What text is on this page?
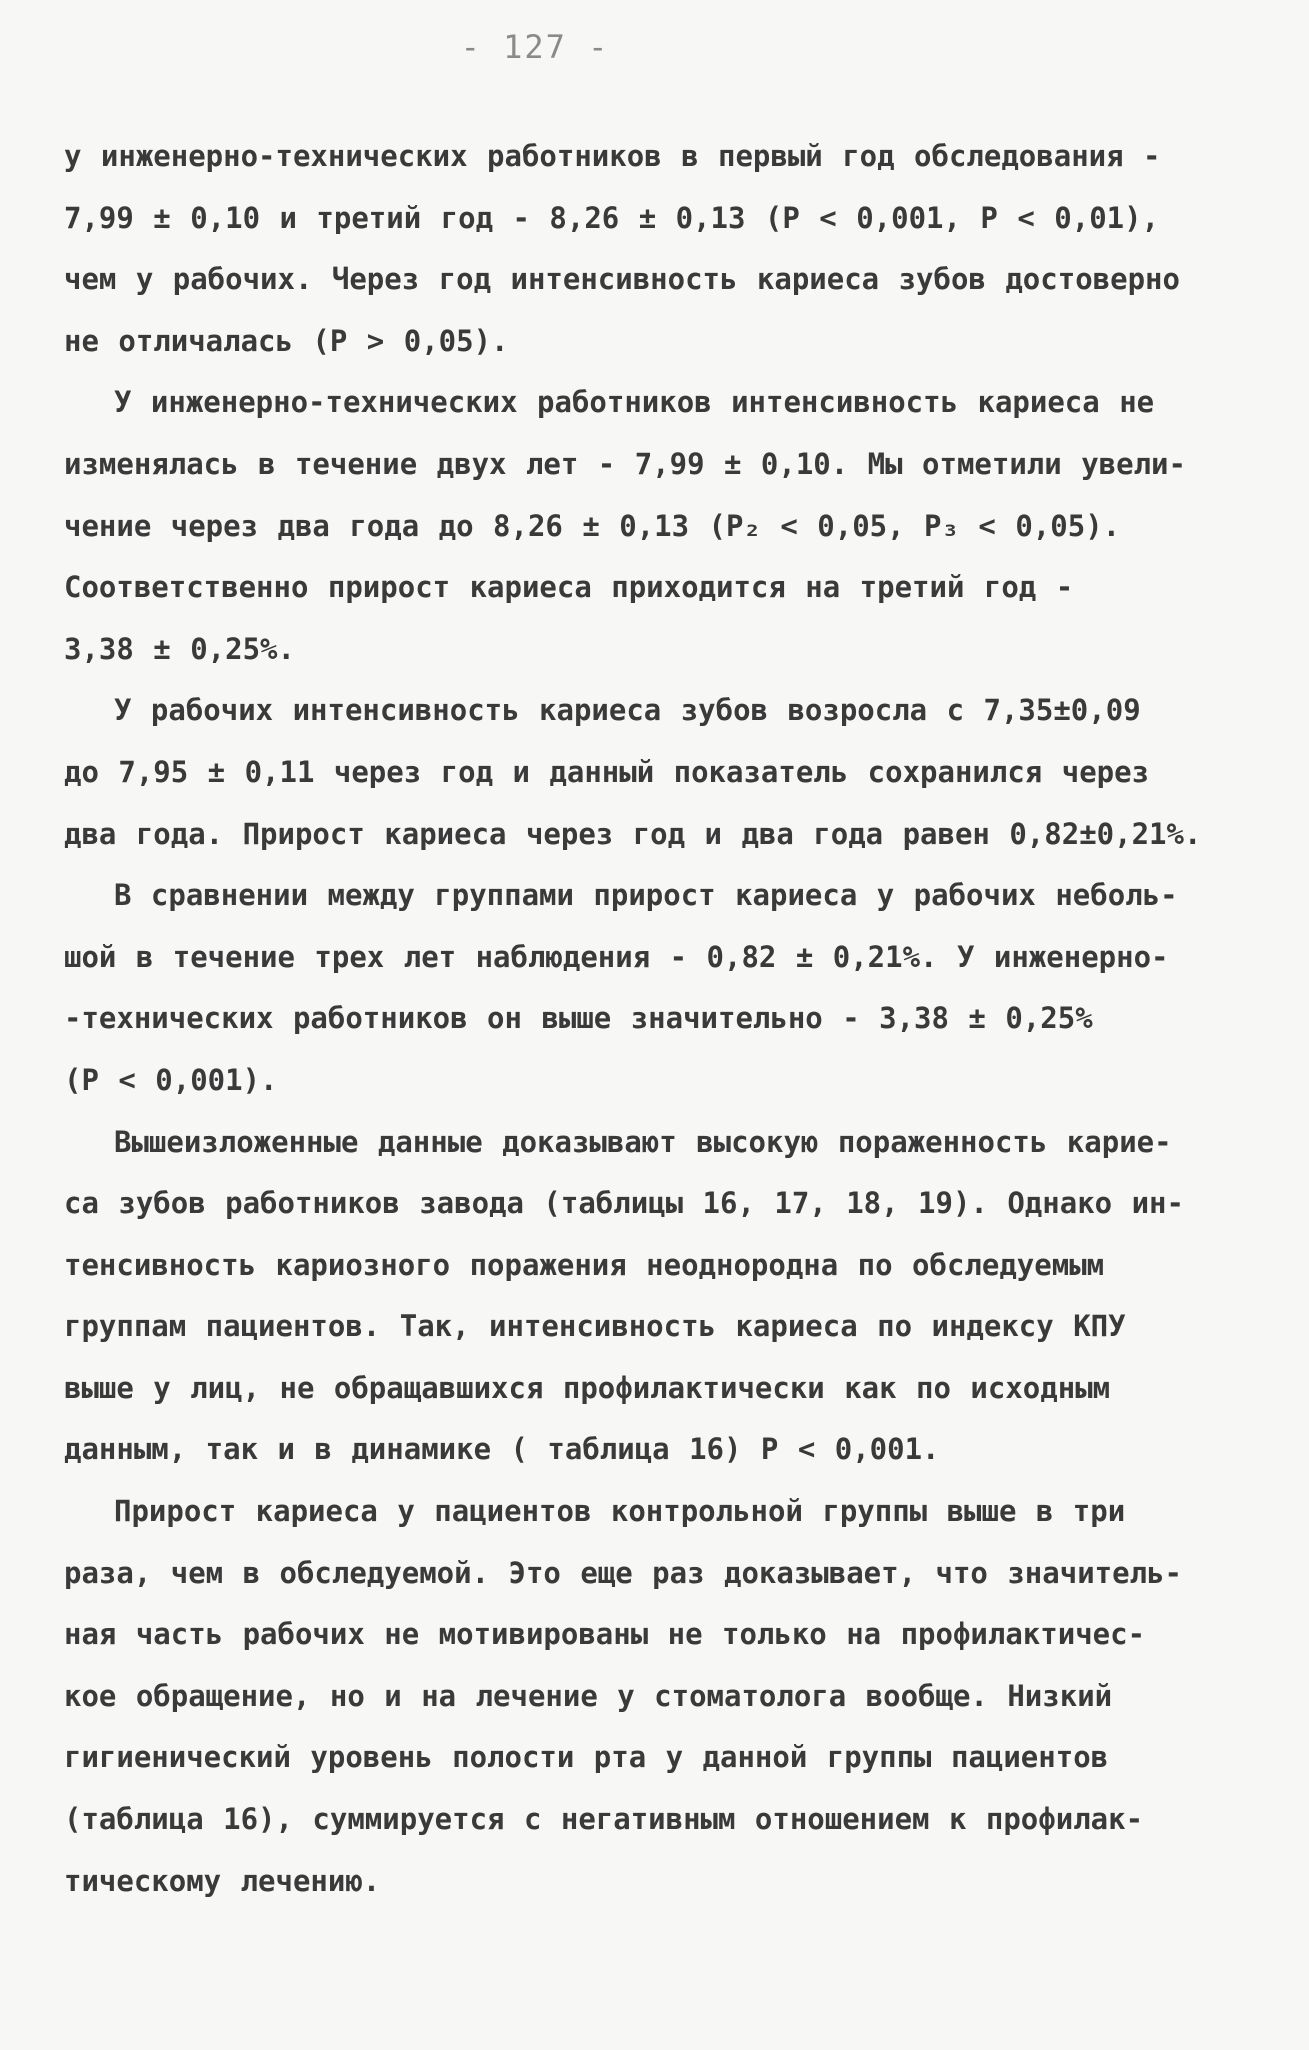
- 127 -

у инженерно-технических работников в первый год обследования -
7,99 ± 0,10 и третий год - 8,26 ± 0,13 (Р < 0,001, Р < 0,01),
чем у рабочих. Через год интенсивность кариеса зубов достоверно
не отличалась (Р > 0,05).

У инженерно-технических работников интенсивность кариеса не
изменялась в течение двух лет - 7,99 ± 0,10. Мы отметили увели-
чение через два года до 8,26 ± 0,13 (Р₂ < 0,05, Р₃ < 0,05).
Соответственно прирост кариеса приходится на третий год -
3,38 ± 0,25%.

У рабочих интенсивность кариеса зубов возросла с 7,35±0,09
до 7,95 ± 0,11 через год и данный показатель сохранился через
два года. Прирост кариеса через год и два года равен 0,82±0,21%.

В сравнении между группами прирост кариеса у рабочих неболь-
шой в течение трех лет наблюдения - 0,82 ± 0,21%. У инженерно-
-технических работников он выше значительно - 3,38 ± 0,25%
(Р < 0,001).

Вышеизложенные данные доказывают высокую пораженность карие-
са зубов работников завода (таблицы 16, 17, 18, 19). Однако ин-
тенсивность кариозного поражения неоднородна по обследуемым
группам пациентов. Так, интенсивность кариеса по индексу КПУ
выше у лиц, не обращавшихся профилактически как по исходным
данным, так и в динамике ( таблица 16) Р < 0,001.

Прирост кариеса у пациентов контрольной группы выше в три
раза, чем в обследуемой. Это еще раз доказывает, что значитель-
ная часть рабочих не мотивированы не только на профилактичес-
кое обращение, но и на лечение у стоматолога вообще. Низкий
гигиенический уровень полости рта у данной группы пациентов
(таблица 16), суммируется с негативным отношением к профилак-
тическому лечению.
